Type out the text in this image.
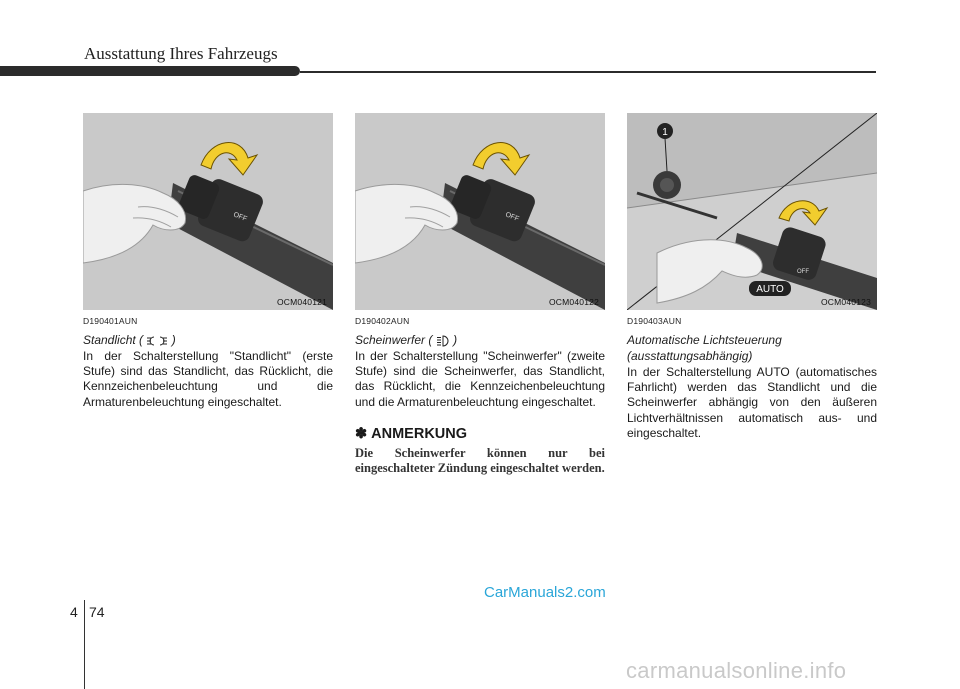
Ausstattung Ihres Fahrzeugs
OFF
OCM040121
OFF
OCM040122
1
OFF
AUTO
OCM040123
D190401AUN
Standlicht ( )

In der Schalterstellung "Standlicht" (erste Stufe) sind das Standlicht, das Rücklicht, die Kennzeichenbeleuchtung und die Armaturenbeleuchtung eingeschaltet.

D190402AUN
Scheinwerfer ( )

In der Schalterstellung "Scheinwerfer" (zweite Stufe) sind die Scheinwerfer, das Standlicht, das Rücklicht, die Kennzeichenbeleuchtung und die Armaturenbeleuchtung eingeschaltet.

✽ ANMERKUNG
Die Scheinwerfer können nur bei eingeschalteter Zündung eingeschaltet werden.
D190403AUN
Automatische Lichtsteuerung
(ausstattungsabhängig)

In der Schalterstellung AUTO (automatisches Fahrlicht) werden das Standlicht und die Scheinwerfer abhängig von den äußeren Lichtverhältnissen automatisch aus- und eingeschaltet.

CarManuals2.com
4 74
carmanualsonline.info
